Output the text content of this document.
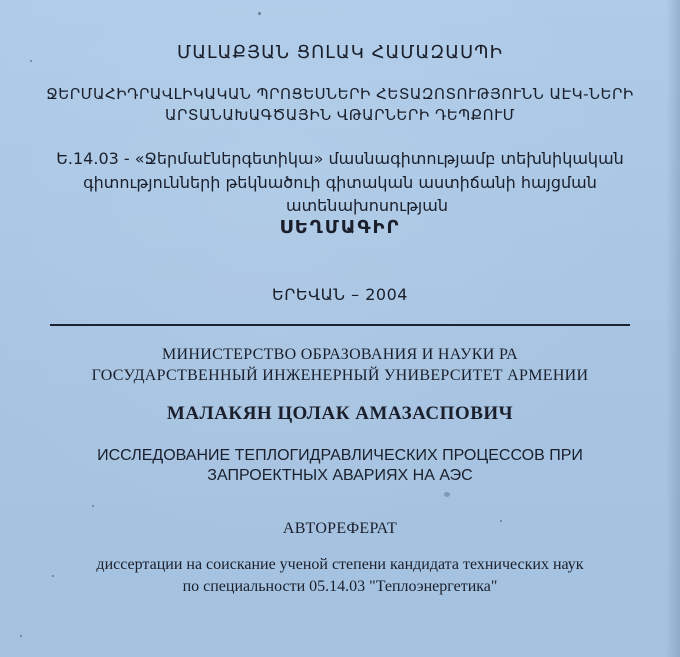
ՄԱԼԱՔՅԱՆ ՑՈԼԱԿ ՀԱՄԱԶԱՍՊԻ
ՋԵՐՄԱՀԻԴՐԱՎԼԻԿԱԿԱՆ ՊՐՈՑԵՍՆԵՐԻ ՀԵՏԱԶՈՏՈՒԹՅՈՒՆՆ ԱԷԿ-ՆԵՐԻ
ԱՐՏԱՆԱԽԱԳԾԱՅԻՆ ՎԹԱՐՆԵՐԻ ԴԵՊՔՈՒՄ
Ե.14.03 - «Ջերմաէներգետիկա» մասնագիտությամբ տեխնիկական
գիտությունների թեկնածուի գիտական աստիճանի հայցման
ատենախոսության
ՍԵՂՄԱԳԻՐ
ԵՐԵՎԱՆ – 2004
МИНИСТЕРСТВО ОБРАЗОВАНИЯ И НАУКИ РА
ГОСУДАРСТВЕННЫЙ ИНЖЕНЕРНЫЙ УНИВЕРСИТЕТ АРМЕНИИ
МАЛАКЯН ЦОЛАК АМАЗАСПОВИЧ
ИССЛЕДОВАНИЕ ТЕПЛОГИДРАВЛИЧЕСКИХ ПРОЦЕССОВ ПРИ
ЗАПРОЕКТНЫХ АВАРИЯХ НА АЭС
АВТОРЕФЕРАТ
диссертации на соискание ученой степени кандидата технических наук
по специальности 05.14.03 "Теплоэнергетика"
